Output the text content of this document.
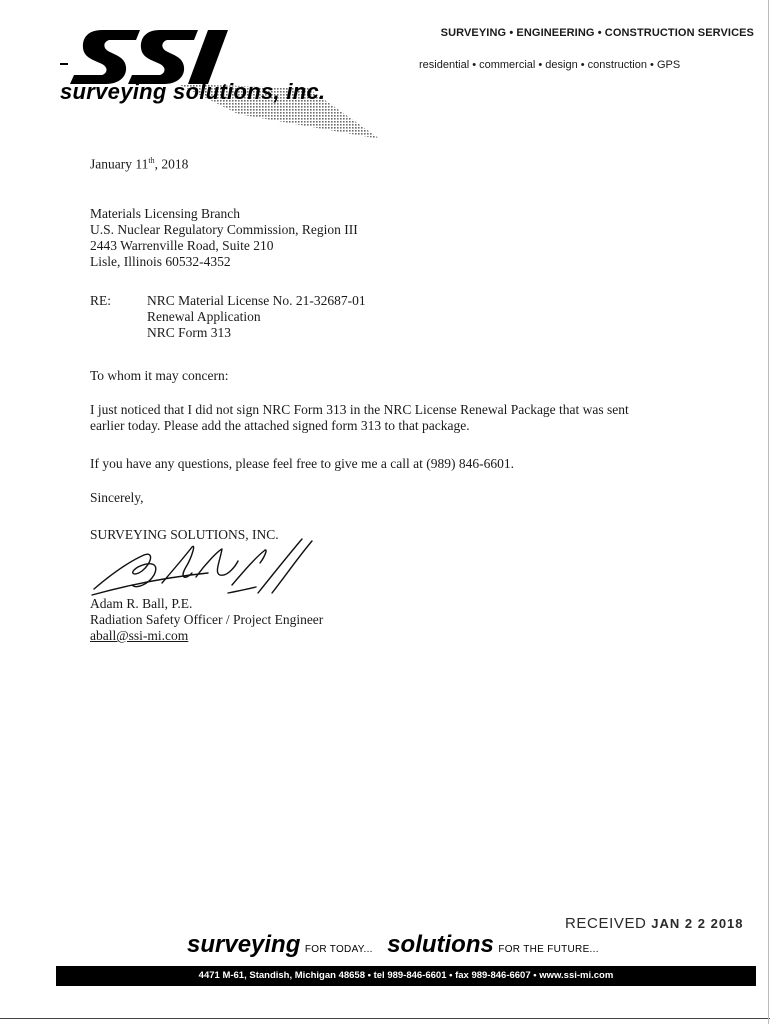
surveying solutions, inc.
SURVEYING • ENGINEERING • CONSTRUCTION SERVICES
residential • commercial • design • construction • GPS
January 11th, 2018
Materials Licensing Branch
U.S. Nuclear Regulatory Commission, Region III
2443 Warrenville Road, Suite 210
Lisle, Illinois 60532-4352
RE:	NRC Material License No. 21-32687-01
Renewal Application
NRC Form 313
To whom it may concern:
I just noticed that I did not sign NRC Form 313 in the NRC License Renewal Package that was sent
earlier today. Please add the attached signed form 313 to that package.
If you have any questions, please feel free to give me a call at (989) 846-6601.
Sincerely,
SURVEYING SOLUTIONS, INC.
Adam R. Ball, P.E.
Radiation Safety Officer / Project Engineer
aball@ssi-mi.com
RECEIVED JAN 2 2 2018
surveying FOR TODAY... solutions FOR THE FUTURE...
4471 M-61, Standish, Michigan 48658 • tel 989-846-6601 • fax 989-846-6607 • www.ssi-mi.com
